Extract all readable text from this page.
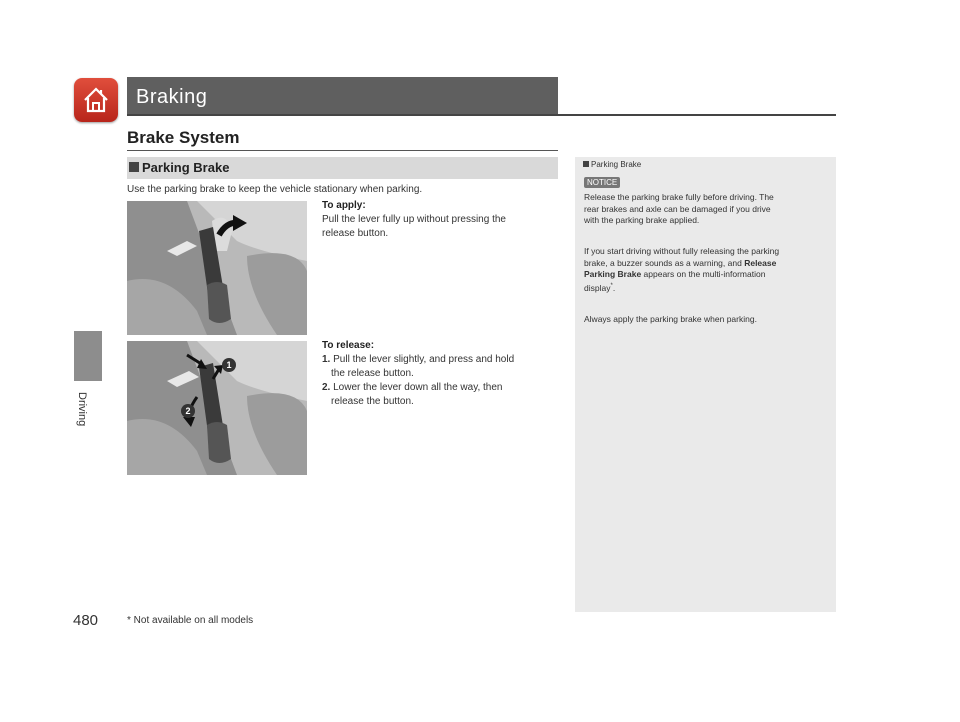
Braking
Driving
Brake System
Parking Brake
Use the parking brake to keep the vehicle stationary when parking.
To apply:
Pull the lever fully up without pressing the
release button.
1
2
To release:
1. Pull the lever slightly, and press and hold
the release button.
2. Lower the lever down all the way, then
release the button.
Parking Brake
NOTICE
Release the parking brake fully before driving. The
rear brakes and axle can be damaged if you drive
with the parking brake applied.
If you start driving without fully releasing the parking
brake, a buzzer sounds as a warning, and Release
Parking Brake appears on the multi-information
display*.
Always apply the parking brake when parking.
480	* Not available on all models
